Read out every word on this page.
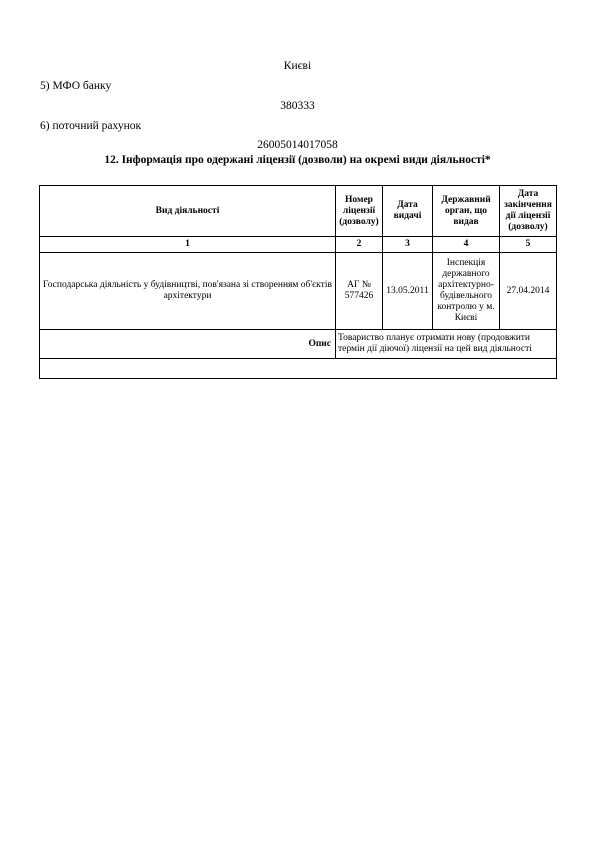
Києві
5) МФО банку
380333
6) поточний рахунок
26005014017058
12. Інформація про одержані ліцензії (дозволи) на окремі види діяльності*
Вид діяльності	Номер ліцензії (дозволу)	Дата видачі	Державний орган, що видав	Дата закінчення дії ліцензії (дозволу)
1	2	3	4	5
Господарська діяльність у будівництві, пов'язана зі створенням об'єктів архітектури	АГ № 577426	13.05.2011	Інспекція державного архітектурно-будівельного контролю у м. Києві	27.04.2014
Опис	Товариство планує отримати нову (продовжити термін дії діючої) ліцензії на цей вид діяльності			
